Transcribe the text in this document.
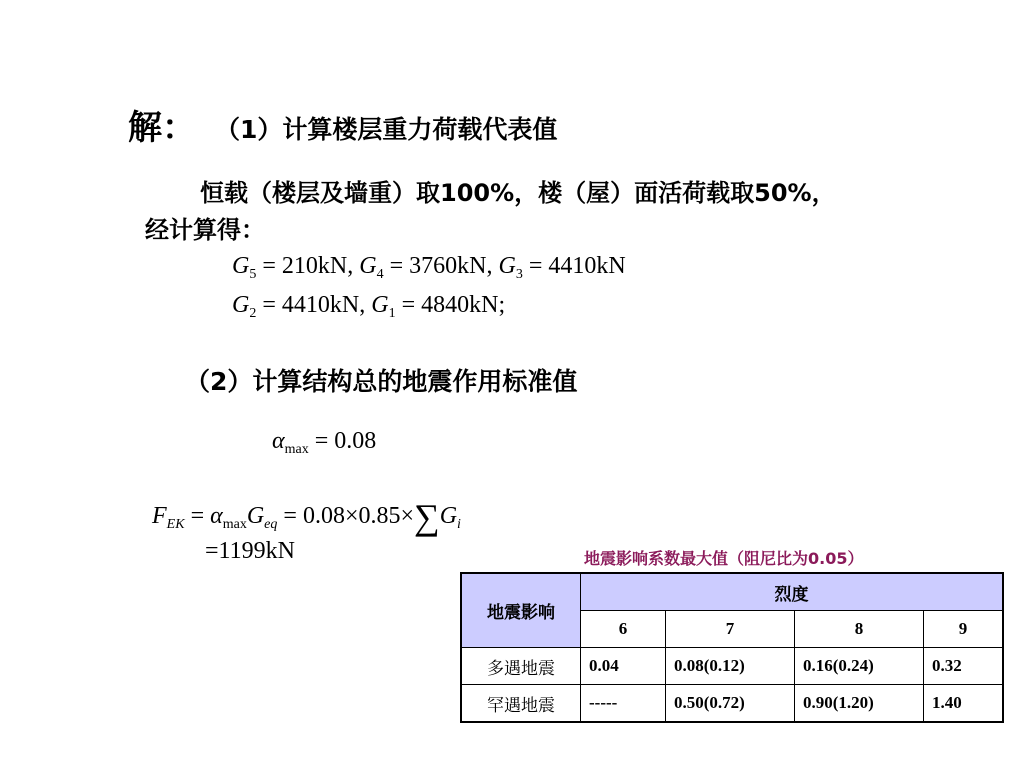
解： （1）计算楼层重力荷载代表值
恒载（楼层及墙重）取100%，楼（屋）面活荷载取50%，
经计算得：
$G_5 = 210kN$, $G_4 = 3760kN$, $G_3 = 4410kN$
$G_2 = 4410kN$, $G_1 = 4840kN$;
（2）计算结构总的地震作用标准值
$\alpha_{max} = 0.08$
$F_{EK} = \alpha_{max}G_{eq} = 0.08\times 0.85\times\sum G_i$
=1199kN	地震影响系数最大值（阻尼比为0.05）
地震影响	烈度			
	6	7	8	9
多遇地震	0.04	0.08(0.12)	0.16(0.24)	0.32
罕遇地震	-----	0.50(0.72)	0.90(1.20)	1.40
